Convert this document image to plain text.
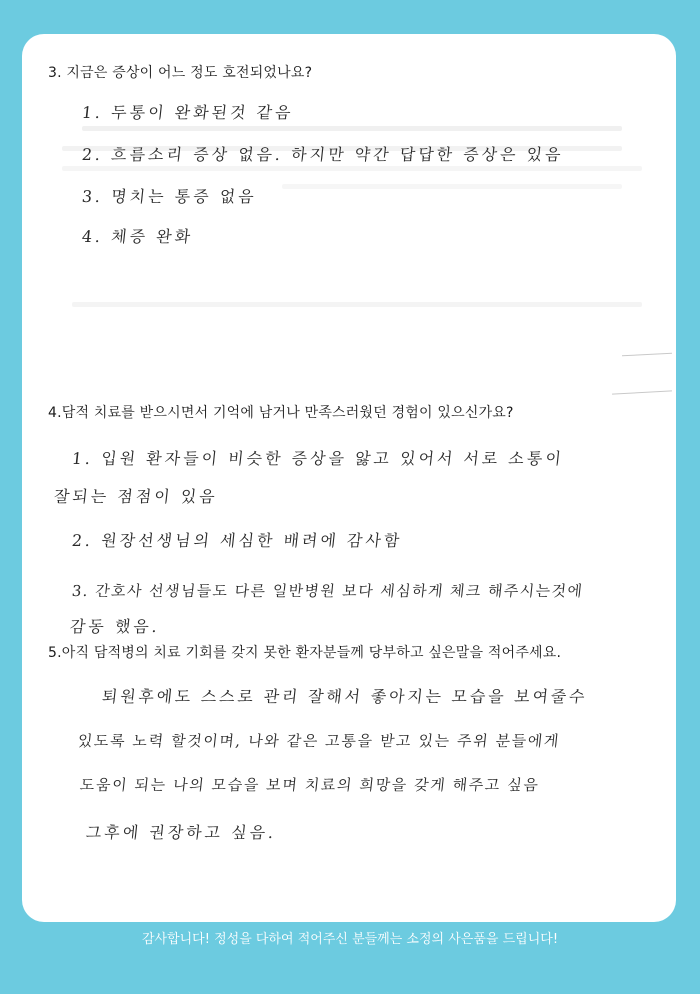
3. 지금은 증상이 어느 정도 호전되었나요?
1. 두통이 완화된것 같음
2. 흐름소리 증상 없음. 하지만 약간 답답한 증상은 있음
3. 명치는 통증 없음
4. 체증 완화
4.담적 치료를 받으시면서 기억에 남거나 만족스러웠던 경험이 있으신가요?
1. 입원 환자들이 비슷한 증상을 앓고 있어서 서로 소통이
잘되는 점점이 있음
2. 원장선생님의 세심한 배려에 감사함
3. 간호사 선생님들도 다른 일반병원 보다 세심하게 체크 해주시는것에
감동 했음.
5.아직 담적병의 치료 기회를 갖지 못한 환자분들께 당부하고 싶은말을 적어주세요.
퇴원후에도 스스로 관리 잘해서 좋아지는 모습을 보여줄수
있도록 노력 할것이며, 나와 같은 고통을 받고 있는 주위 분들에게
도움이 되는 나의 모습을 보며 치료의 희망을 갖게 해주고 싶음
그후에 권장하고 싶음.
감사합니다! 정성을 다하여 적어주신 분들께는 소정의 사은품을 드립니다!
